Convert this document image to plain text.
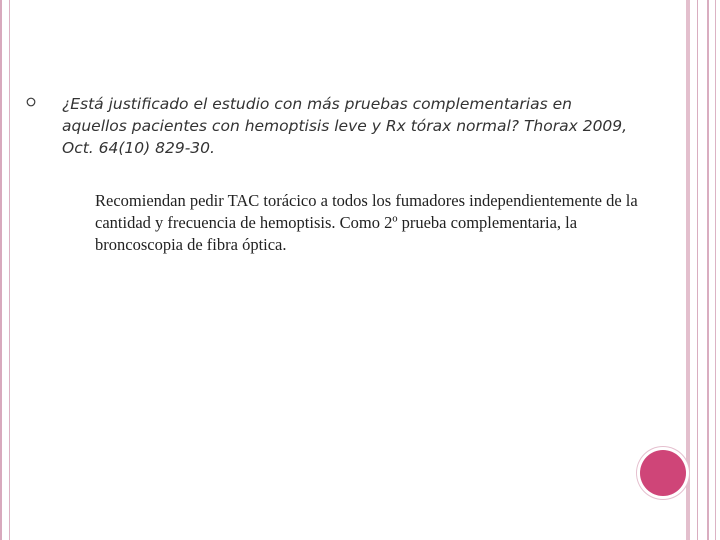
¿Está justificado el estudio con más pruebas complementarias en aquellos pacientes con hemoptisis leve y Rx tórax normal? Thorax 2009, Oct. 64(10) 829-30.
Recomiendan pedir TAC torácico a todos los fumadores independientemente de la cantidad y frecuencia de hemoptisis. Como 2º prueba complementaria, la broncoscopia de fibra óptica.
